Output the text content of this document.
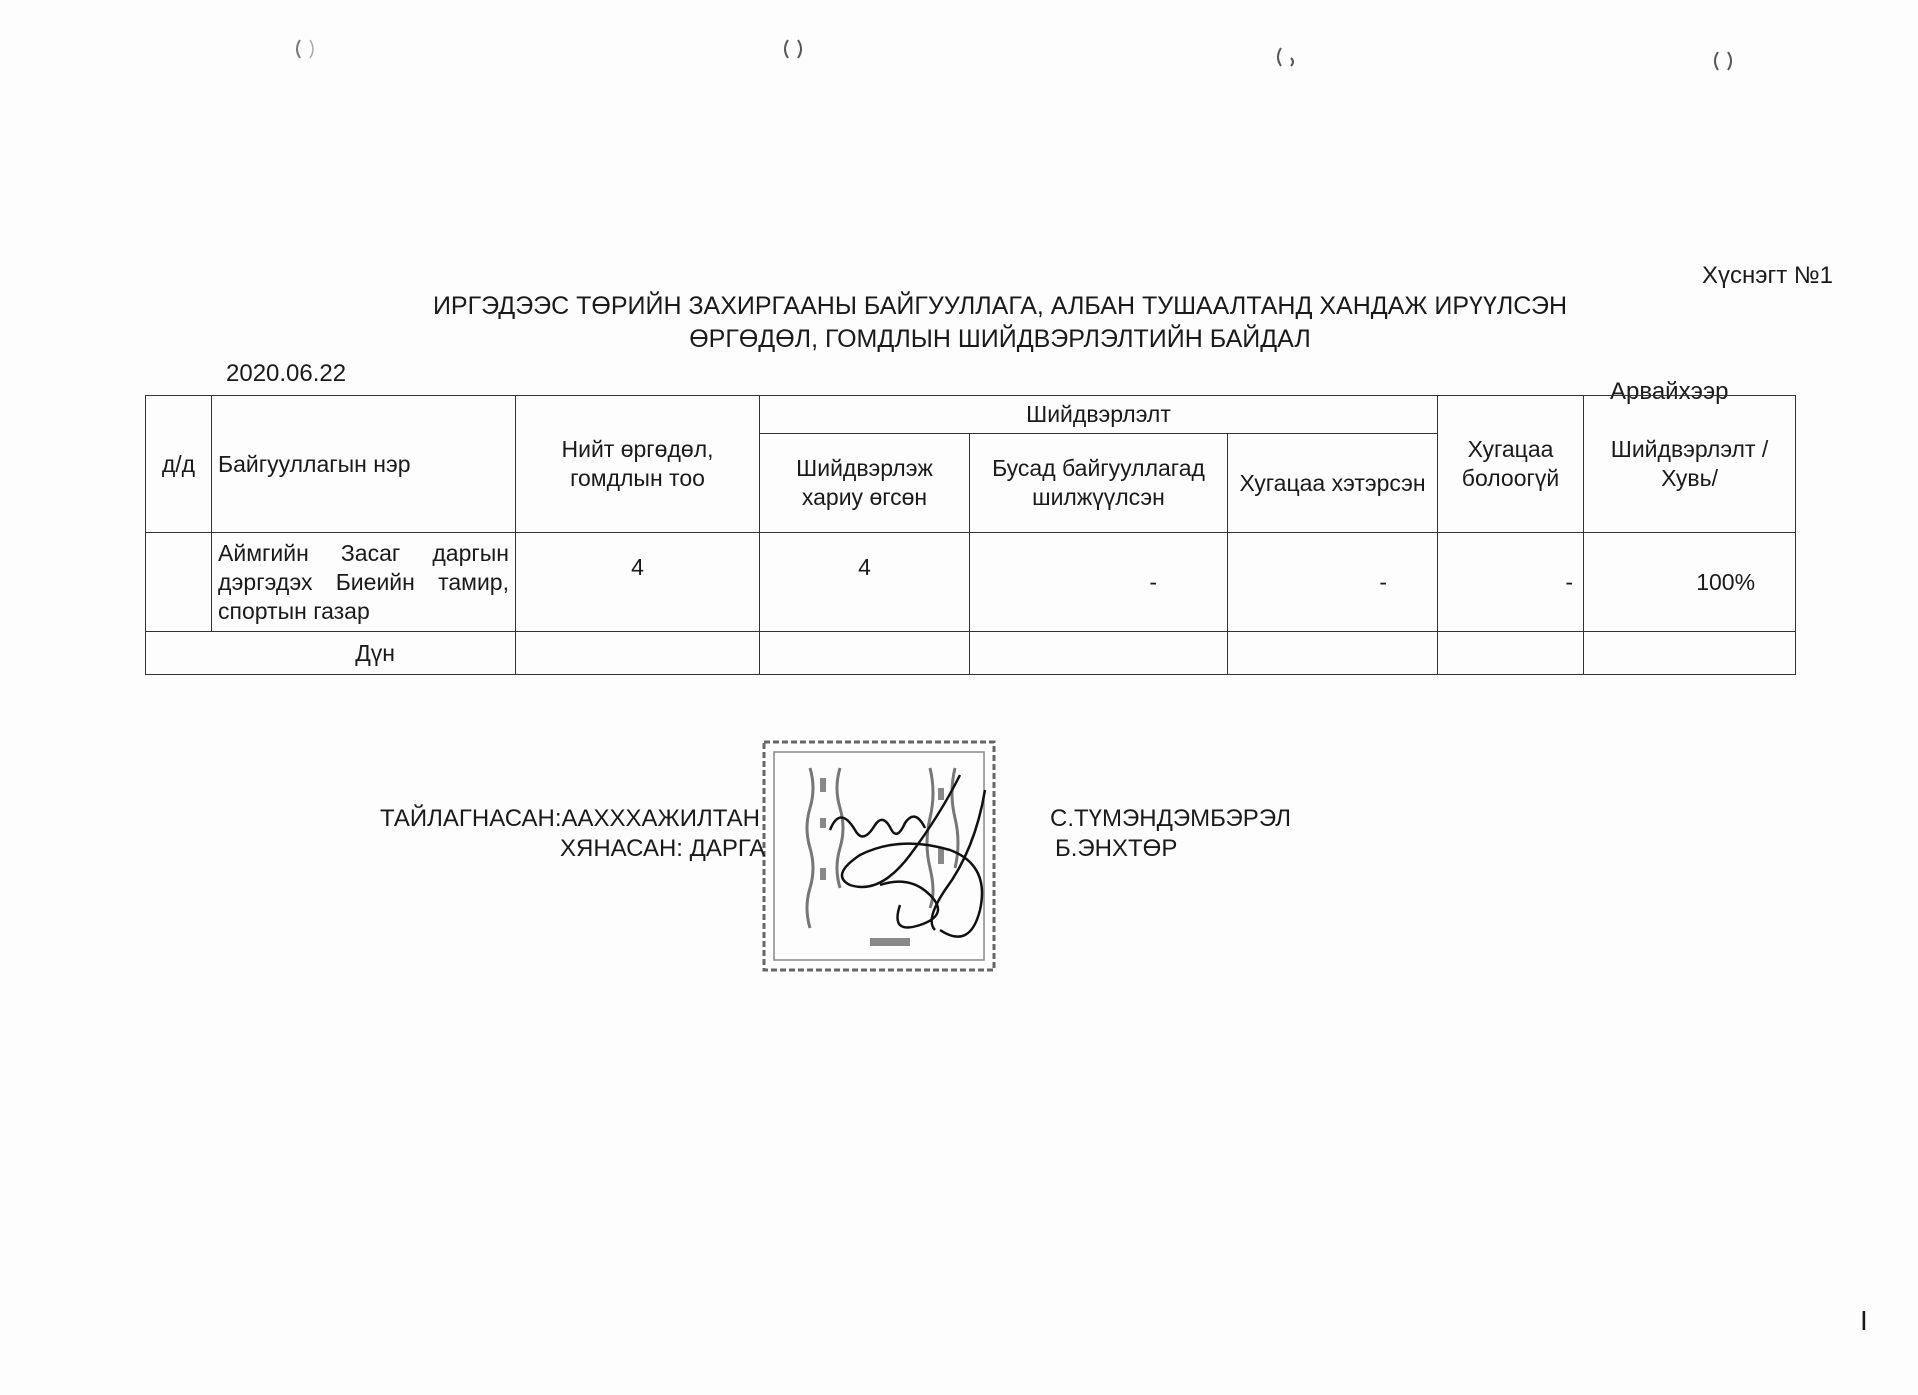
Хүснэгт №1
ИРГЭДЭЭС ТӨРИЙН ЗАХИРГААНЫ БАЙГУУЛЛАГА, АЛБАН ТУШААЛТАНД ХАНДАЖ ИРҮҮЛСЭН
ӨРГӨДӨЛ, ГОМДЛЫН ШИЙДВЭРЛЭЛТИЙН БАЙДАЛ
2020.06.22
Арвайхээр
д/д	Байгууллагын нэр	Нийт өргөдөл, гомдлын тоо	Шийдвэрлэлт			Хугацаа болоогүй	Шийдвэрлэлт /Хувь/
			Шийдвэрлэж хариу өгсөн	Бусад байгууллагад шилжүүлсэн	Хугацаа хэтэрсэн		
	Аймгийн Засаг даргын дэргэдэх Биеийн тамир, спортын газар	4	4	-	-	-	100%
Дүн							
ТАЙЛАГНАСАН:ААХХХАЖИЛТАН	С.ТҮМЭНДЭМБЭРЭЛ
ХЯНАСАН: ДАРГА	Б.ЭНХТӨР
I
